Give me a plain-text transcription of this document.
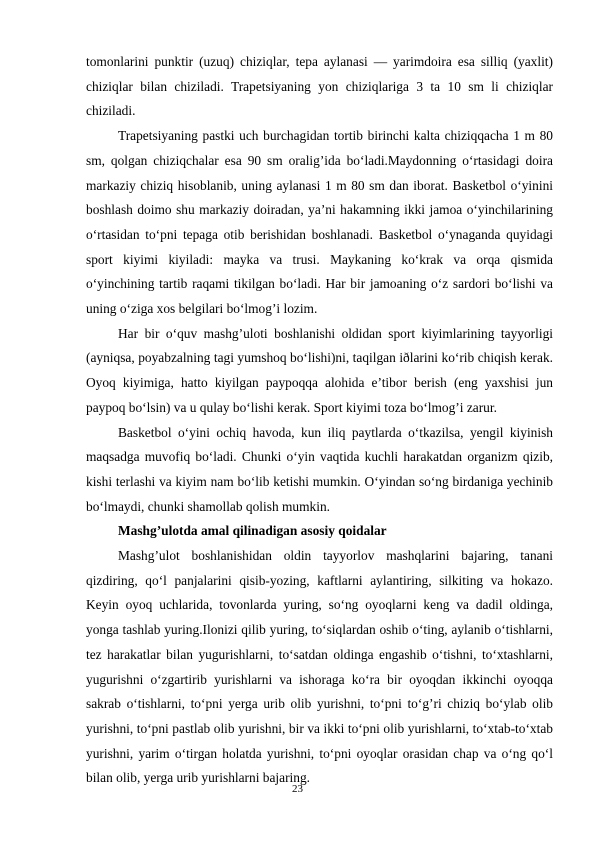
tomonlarini punktir (uzuq) chiziqlar, tepa aylanasi — yarimdoira esa silliq (yaxlit) chiziqlar bilan chiziladi. Trapetsiyaning yon chiziqlariga 3 ta 10 sm li chiziqlar chiziladi.

Trapetsiyaning pastki uch burchagidan tortib birinchi kalta chiziqqacha 1 m 80 sm, qolgan chiziqchalar esa 90 sm oralig’ida bo‘ladi.Maydonning o‘rtasidagi doira markaziy chiziq hisoblanib, uning aylanasi 1 m 80 sm dan iborat. Basketbol o‘yinini boshlash doimo shu markaziy doiradan, ya’ni hakamning ikki jamoa o‘yinchilarining o‘rtasidan to‘pni tepaga otib berishidan boshlanadi. Basketbol o‘ynaganda quyidagi sport kiyimi kiyiladi: mayka va trusi. Maykaning ko‘krak va orqa qismida o‘yinchining tartib raqami tikilgan bo‘ladi. Har bir jamoaning o‘z sardori bo‘lishi va uning o‘ziga xos belgilari bo‘lmog’i lozim.

Har bir o‘quv mashg’uloti boshlanishi oldidan sport kiyimlarining tayyorligi (ayniqsa, poyabzalning tagi yumshoq bo‘lishi)ni, taqilgan iðlarini ko‘rib chiqish kerak. Oyoq kiyimiga, hatto kiyilgan paypoqqa alohida e’tibor berish (eng yaxshisi jun paypoq bo‘lsin) va u qulay bo‘lishi kerak. Sport kiyimi toza bo‘lmog’i zarur.

Basketbol o‘yini ochiq havoda, kun iliq paytlarda o‘tkazilsa, yengil kiyinish maqsadga muvofiq bo‘ladi. Chunki o‘yin vaqtida kuchli harakatdan organizm qizib, kishi terlashi va kiyim nam bo‘lib ketishi mumkin. O‘yindan so‘ng birdaniga yechinib bo‘lmaydi, chunki shamollab qolish mumkin.

Mashg’ulotda amal qilinadigan asosiy qoidalar

Mashg’ulot boshlanishidan oldin tayyorlov mashqlarini bajaring, tanani qizdiring, qo‘l panjalarini qisib-yozing, kaftlarni aylantiring, silkiting va hokazo. Keyin oyoq uchlarida, tovonlarda yuring, so‘ng oyoqlarni keng va dadil oldinga, yonga tashlab yuring.Ilonizi qilib yuring, to‘siqlardan oshib o‘ting, aylanib o‘tishlarni, tez harakatlar bilan yugurishlarni, to‘satdan oldinga engashib o‘tishni, to‘xtashlarni, yugurishni o‘zgartirib yurishlarni va ishoraga ko‘ra bir oyoqdan ikkinchi oyoqqa sakrab o‘tishlarni, to‘pni yerga urib olib yurishni, to‘pni to‘g’ri chiziq bo‘ylab olib yurishni, to‘pni pastlab olib yurishni, bir va ikki to‘pni olib yurishlarni, to‘xtab-to‘xtab yurishni, yarim o‘tirgan holatda yurishni, to‘pni oyoqlar orasidan chap va o‘ng qo‘l bilan olib, yerga urib yurishlarni bajaring.

23
